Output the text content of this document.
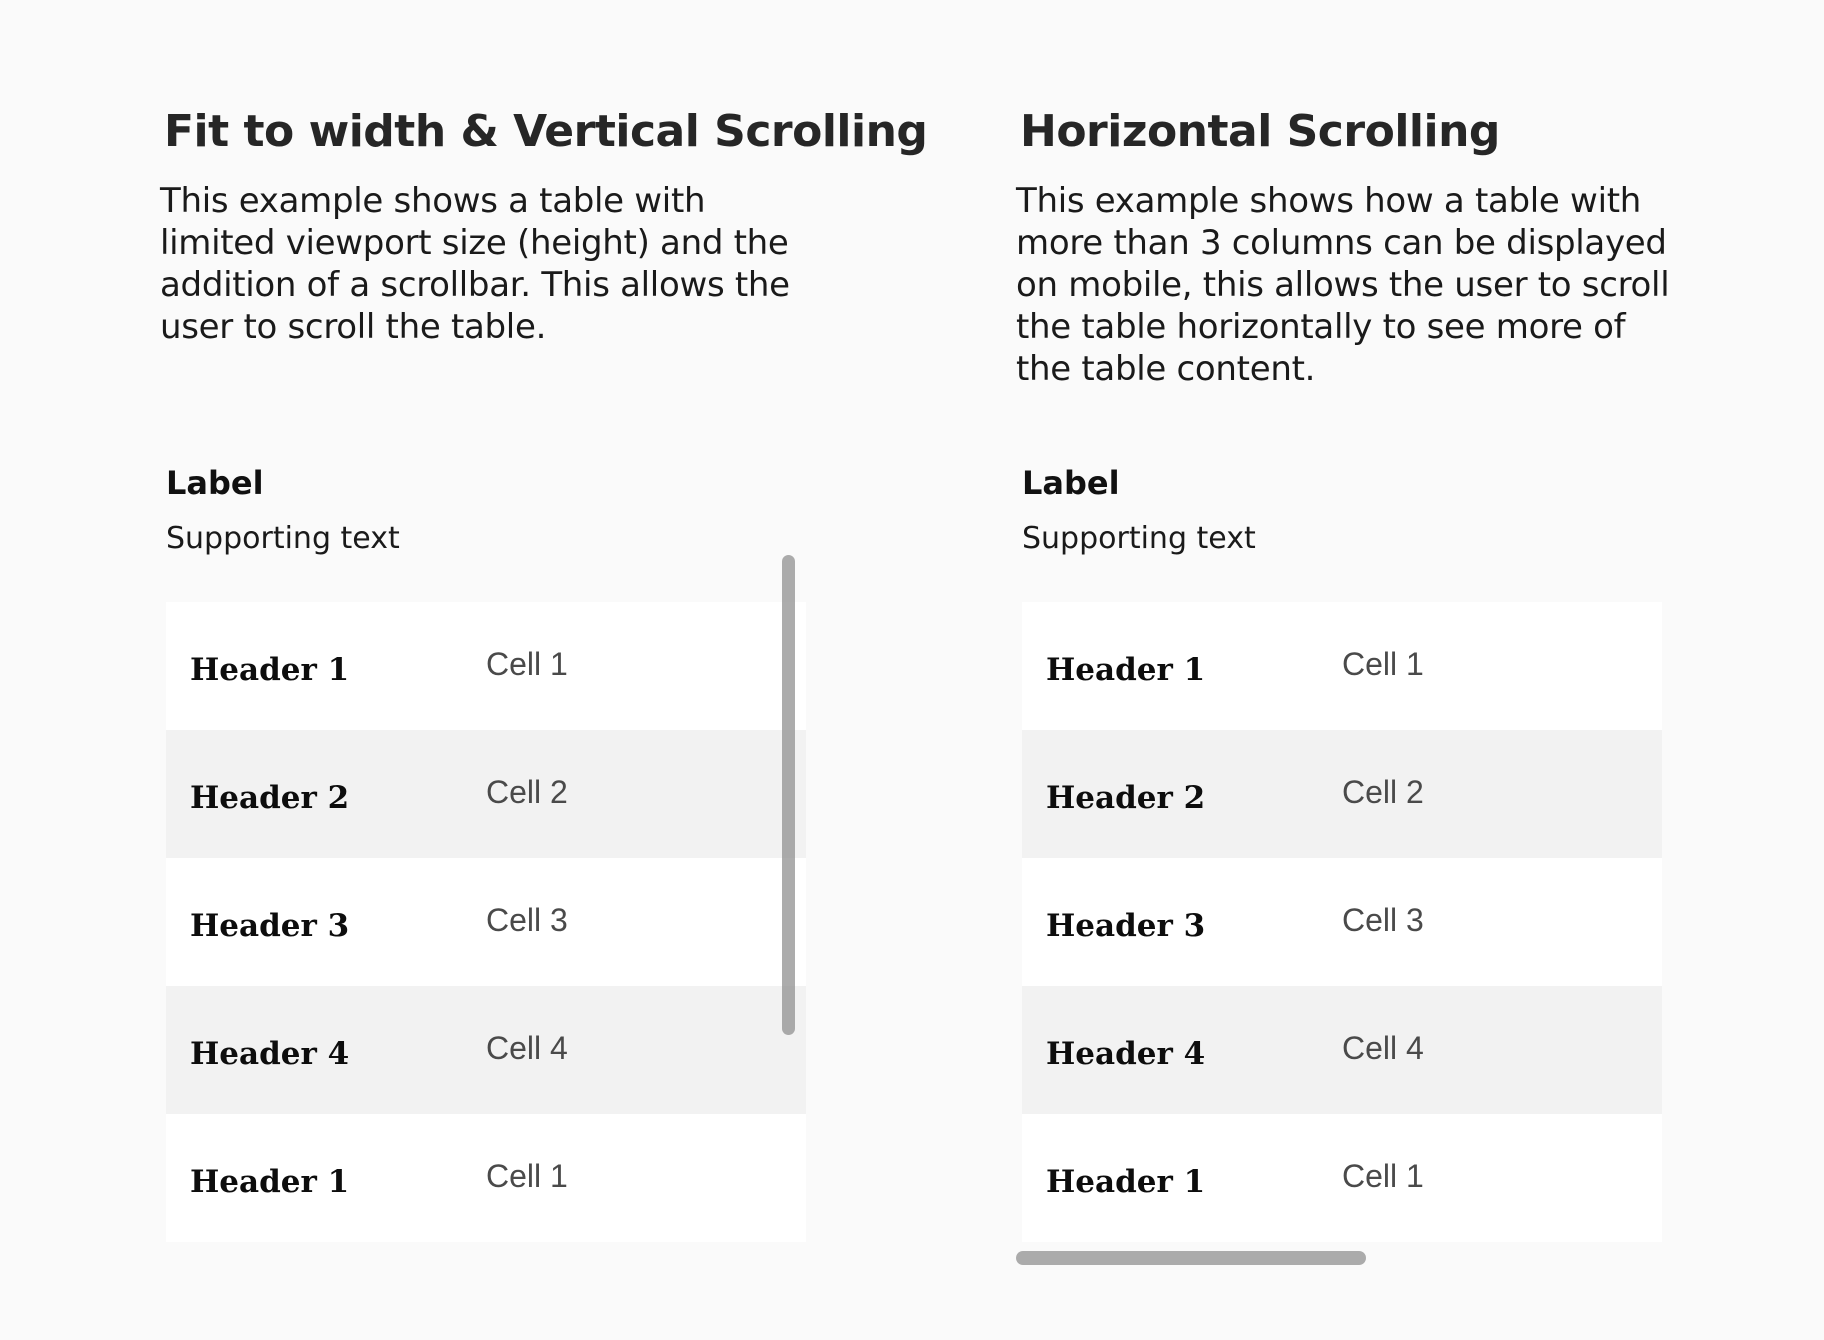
Fit to width & Vertical Scrolling

This example shows a table with limited viewport size (height) and the addition of a scrollbar. This allows the user to scroll the table.

Label

Supporting text

Header 1	Cell 1
Header 2	Cell 2
Header 3	Cell 3
Header 4	Cell 4
Header 1	Cell 1
Horizontal Scrolling

This example shows how a table with more than 3 columns can be displayed on mobile, this allows the user to scroll the table horizontally to see more of the table content.

Label

Supporting text

Header 1	Cell 1
Header 2	Cell 2
Header 3	Cell 3
Header 4	Cell 4
Header 1	Cell 1
